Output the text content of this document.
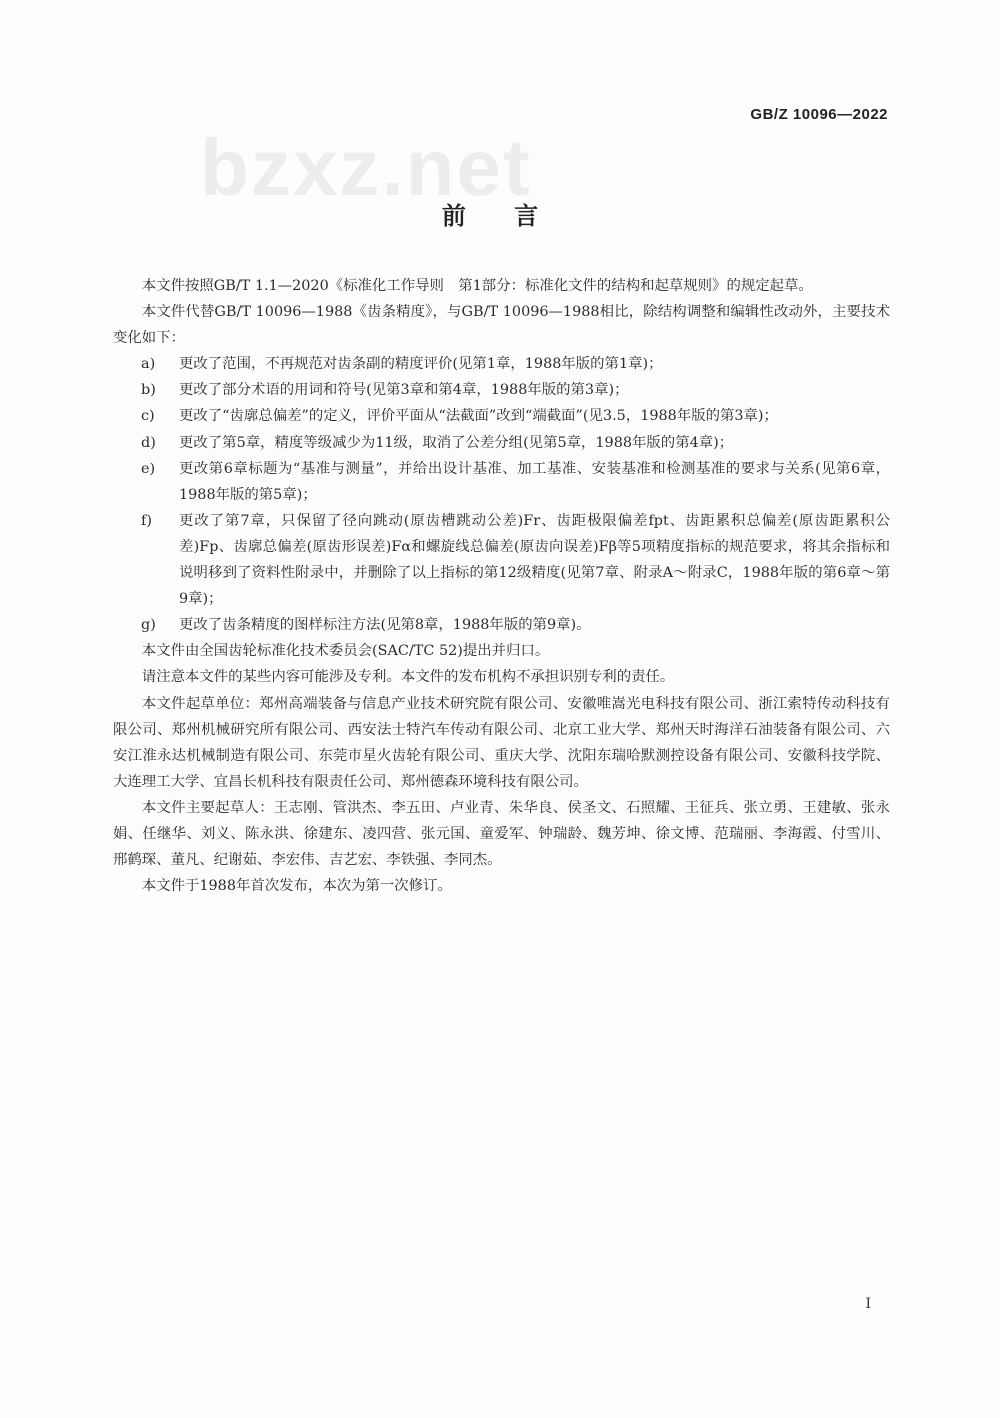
GB/Z 10096—2022
bzxz.net
前 言

本文件按照GB/T 1.1—2020《标准化工作导则　第1部分：标准化文件的结构和起草规则》的规定起草。

本文件代替GB/T 10096—1988《齿条精度》，与GB/T 10096—1988相比，除结构调整和编辑性改动外，主要技术变化如下：

a)	更改了范围，不再规范对齿条副的精度评价(见第1章，1988年版的第1章)；
b)	更改了部分术语的用词和符号(见第3章和第4章，1988年版的第3章)；
c)	更改了“齿廓总偏差”的定义，评价平面从“法截面”改到“端截面”(见3.5，1988年版的第3章)；
d)	更改了第5章，精度等级减少为11级，取消了公差分组(见第5章，1988年版的第4章)；
e)	更改第6章标题为“基准与测量”，并给出设计基准、加工基准、安装基准和检测基准的要求与关系(见第6章，1988年版的第5章)；
f)	更改了第7章，只保留了径向跳动(原齿槽跳动公差)Fr、齿距极限偏差fpt、齿距累积总偏差(原齿距累积公差)Fp、齿廓总偏差(原齿形误差)Fα和螺旋线总偏差(原齿向误差)Fβ等5项精度指标的规范要求，将其余指标和说明移到了资料性附录中，并删除了以上指标的第12级精度(见第7章、附录A～附录C，1988年版的第6章～第9章)；
g)	更改了齿条精度的图样标注方法(见第8章，1988年版的第9章)。

本文件由全国齿轮标准化技术委员会(SAC/TC 52)提出并归口。

请注意本文件的某些内容可能涉及专利。本文件的发布机构不承担识别专利的责任。

本文件起草单位：郑州高端装备与信息产业技术研究院有限公司、安徽唯嵩光电科技有限公司、浙江索特传动科技有限公司、郑州机械研究所有限公司、西安法士特汽车传动有限公司、北京工业大学、郑州天时海洋石油装备有限公司、六安江淮永达机械制造有限公司、东莞市星火齿轮有限公司、重庆大学、沈阳东瑞哈默测控设备有限公司、安徽科技学院、大连理工大学、宜昌长机科技有限责任公司、郑州德森环境科技有限公司。

本文件主要起草人：王志刚、管洪杰、李五田、卢业青、朱华良、侯圣文、石照耀、王征兵、张立勇、王建敏、张永娟、任继华、刘义、陈永洪、徐建东、凌四营、张元国、童爱军、钟瑞龄、魏芳坤、徐文博、范瑞丽、李海霞、付雪川、邢鹤琛、董凡、纪谢茹、李宏伟、吉艺宏、李铁强、李同杰。

本文件于1988年首次发布，本次为第一次修订。

I
